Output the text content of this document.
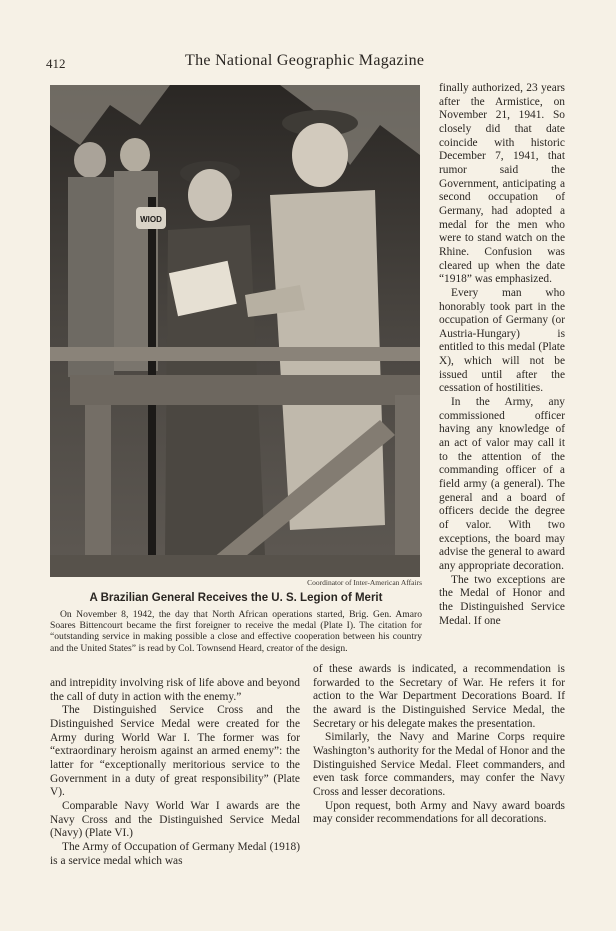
412	The National Geographic Magazine
WIOD
Coordinator of Inter-American Affairs
A Brazilian General Receives the U. S. Legion of Merit
On November 8, 1942, the day that North African operations started, Brig. Gen. Amaro Soares Bittencourt became the first foreigner to receive the medal (Plate I). The citation for “outstanding service in making possible a close and effective cooperation between his country and the United States” is read by Col. Townsend Heard, creator of the design.

finally authorized, 23 years after the Armistice, on November 21, 1941. So closely did that date coincide with historic December 7, 1941, that rumor said the Government, anticipating a second occupation of Germany, had adopted a medal for the men who were to stand watch on the Rhine. Confusion was cleared up when the date “1918” was emphasized.

Every man who honorably took part in the occupation of Germany (or Austria-Hungary) is entitled to this medal (Plate X), which will not be issued until after the cessation of hostilities.

In the Army, any commissioned officer having any knowledge of an act of valor may call it to the attention of the commanding officer of a field army (a general). The general and a board of officers decide the degree of valor. With two exceptions, the board may advise the general to award any appropriate decoration.

The two exceptions are the Medal of Honor and the Distinguished Service Medal. If one

and intrepidity involving risk of life above and beyond the call of duty in action with the enemy.”

The Distinguished Service Cross and the Distinguished Service Medal were created for the Army during World War I. The former was for “extraordinary heroism against an armed enemy”: the latter for “exceptionally meritorious service to the Government in a duty of great responsibility” (Plate V).

Comparable Navy World War I awards are the Navy Cross and the Distinguished Service Medal (Navy) (Plate VI.)

The Army of Occupation of Germany Medal (1918) is a service medal which was

of these awards is indicated, a recommendation is forwarded to the Secretary of War. He refers it for action to the War Department Decorations Board. If the award is the Distinguished Service Medal, the Secretary or his delegate makes the presentation.

Similarly, the Navy and Marine Corps require Washington’s authority for the Medal of Honor and the Distinguished Service Medal. Fleet commanders, and even task force commanders, may confer the Navy Cross and lesser decorations.

Upon request, both Army and Navy award boards may consider recommendations for all decorations.
